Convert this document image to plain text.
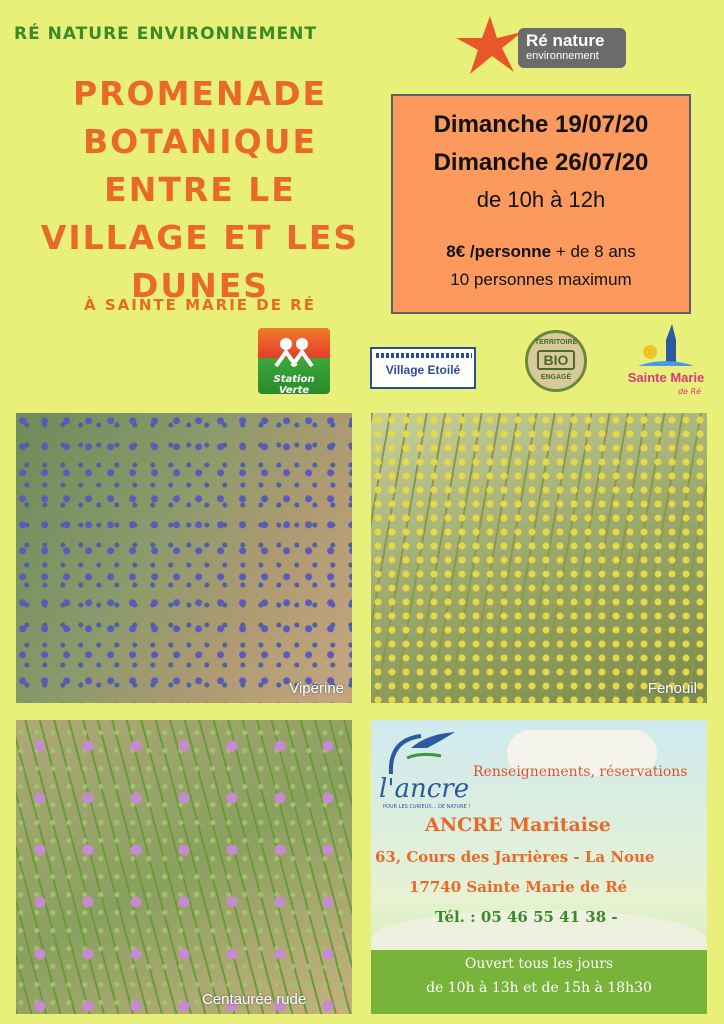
RÉ NATURE ENVIRONNEMENT	Ré nature
environnement
PROMENADE
BOTANIQUE
ENTRE LE
VILLAGE ET LES
DUNES
À SAINTE MARIE DE RÉ
Dimanche 19/07/20
Dimanche 26/07/20
de 10h à 12h
8€ /personne + de 8 ans
10 personnes maximum
Station Verte
Village Etoilé
TERRITOIRE
BIO
ENGAGÉ	Sainte Marie
de Ré
Vipérine	Fenouil
Centaurée rude
l'ancre
POUR LES CURIEUX... DE NATURE !
Renseignements, réservations
ANCRE Maritaise
63, Cours des Jarrières - La Noue
17740 Sainte Marie de Ré
Tél. : 05 46 55 41 38 -
Ouvert tous les jours
de 10h à 13h et de 15h à 18h30
